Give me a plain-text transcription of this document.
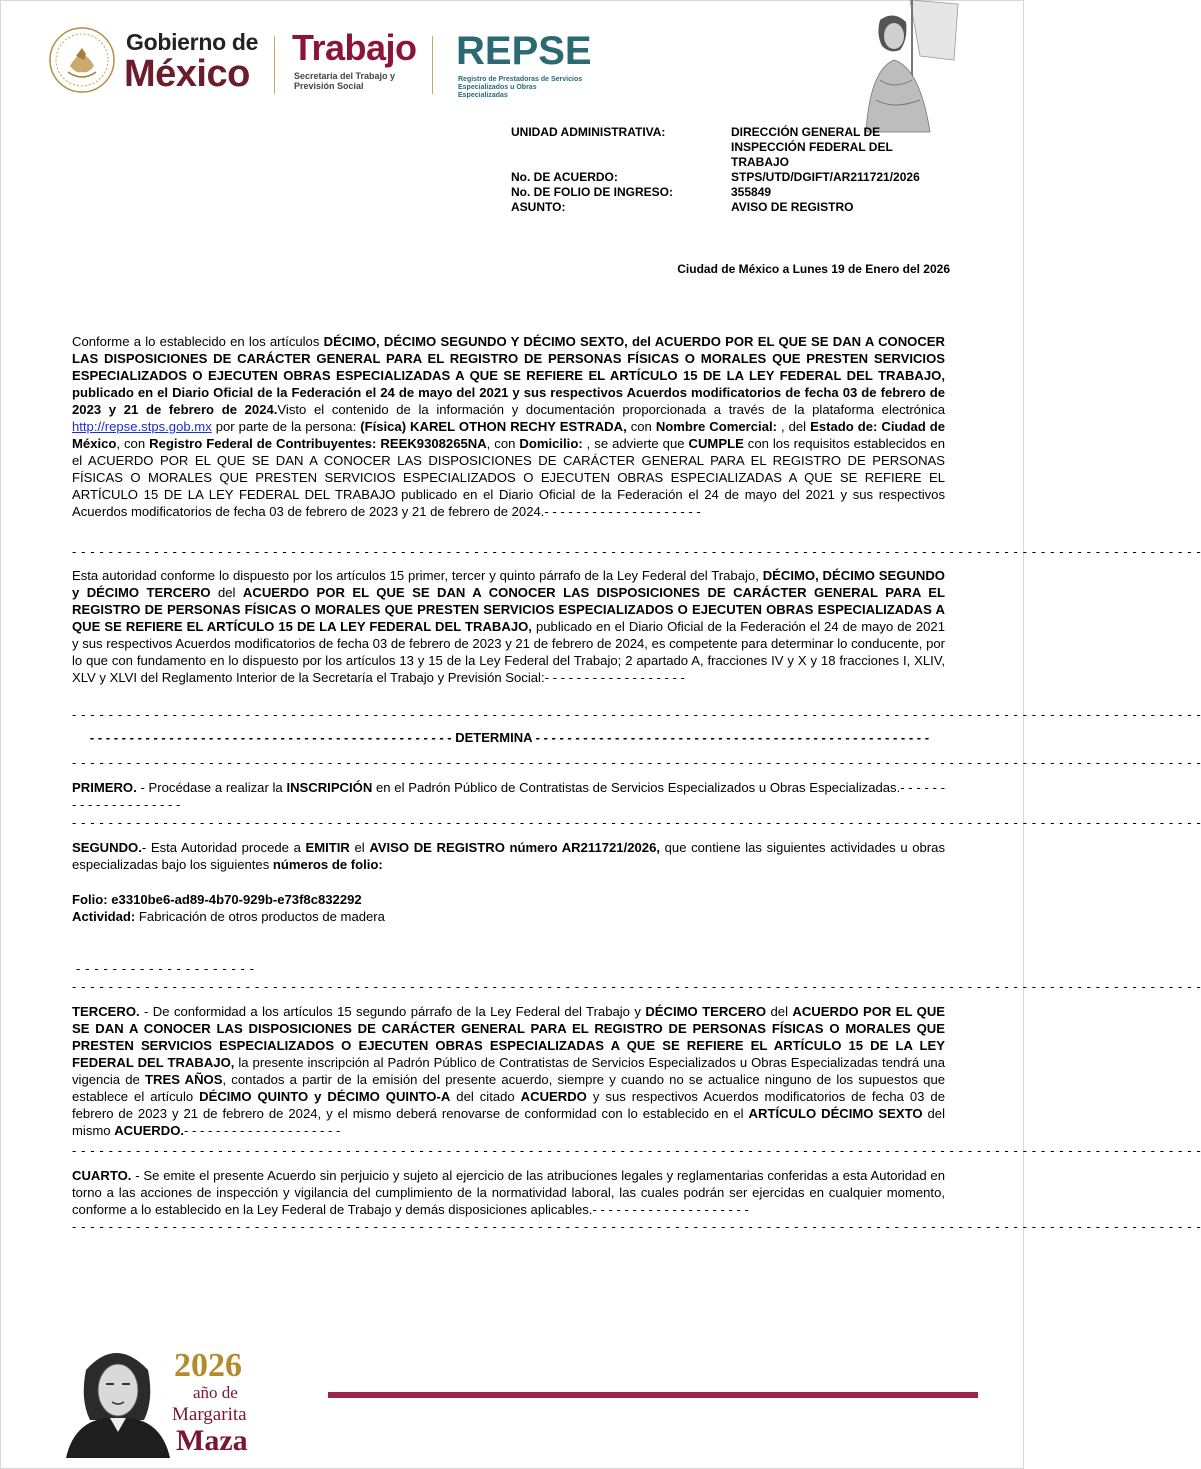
Gobierno de
México
Trabajo
Secretaría del Trabajo y Previsión Social
REPSE
Registro de Prestadoras de Servicios Especializados u Obras Especializadas
UNIDAD ADMINISTRATIVA:	DIRECCIÓN GENERAL DE INSPECCIÓN FEDERAL DEL TRABAJO
No. DE ACUERDO:	STPS/UTD/DGIFT/AR211721/2026
No. DE FOLIO DE INGRESO:	355849
ASUNTO:	AVISO DE REGISTRO
Ciudad de México a Lunes 19 de Enero del 2026
Conforme a lo establecido en los artículos DÉCIMO, DÉCIMO SEGUNDO Y DÉCIMO SEXTO, del ACUERDO POR EL QUE SE DAN A CONOCER LAS DISPOSICIONES DE CARÁCTER GENERAL PARA EL REGISTRO DE PERSONAS FÍSICAS O MORALES QUE PRESTEN SERVICIOS ESPECIALIZADOS O EJECUTEN OBRAS ESPECIALIZADAS A QUE SE REFIERE EL ARTÍCULO 15 DE LA LEY FEDERAL DEL TRABAJO, publicado en el Diario Oficial de la Federación el 24 de mayo del 2021 y sus respectivos Acuerdos modificatorios de fecha 03 de febrero de 2023 y 21 de febrero de 2024.Visto el contenido de la información y documentación proporcionada a través de la plataforma electrónica http://repse.stps.gob.mx por parte de la persona: (Física) KAREL OTHON RECHY ESTRADA, con Nombre Comercial: , del Estado de: Ciudad de México, con Registro Federal de Contribuyentes: REEK9308265NA, con Domicilio: , se advierte que CUMPLE con los requisitos establecidos en el ACUERDO POR EL QUE SE DAN A CONOCER LAS DISPOSICIONES DE CARÁCTER GENERAL PARA EL REGISTRO DE PERSONAS FÍSICAS O MORALES QUE PRESTEN SERVICIOS ESPECIALIZADOS O EJECUTEN OBRAS ESPECIALIZADAS A QUE SE REFIERE EL ARTÍCULO 15 DE LA LEY FEDERAL DEL TRABAJO publicado en el Diario Oficial de la Federación el 24 de mayo del 2021 y sus respectivos Acuerdos modificatorios de fecha 03 de febrero de 2023 y 21 de febrero de 2024.- - - - - - - - - - - - - - - - - - - -
- - - - - - - - - - - - - - - - - - - - - - - - - - - - - - - - - - - - - - - - - - - - - - - - - - - - - - - - - - - - - - - - - - - - - - - - - - - - - - - - - - - - - - - - - - - - - - - - - - - - - - - - - - - - - - - - - - - - - - - - - - - -
Esta autoridad conforme lo dispuesto por los artículos 15 primer, tercer y quinto párrafo de la Ley Federal del Trabajo, DÉCIMO, DÉCIMO SEGUNDO y DÉCIMO TERCERO del ACUERDO POR EL QUE SE DAN A CONOCER LAS DISPOSICIONES DE CARÁCTER GENERAL PARA EL REGISTRO DE PERSONAS FÍSICAS O MORALES QUE PRESTEN SERVICIOS ESPECIALIZADOS O EJECUTEN OBRAS ESPECIALIZADAS A QUE SE REFIERE EL ARTÍCULO 15 DE LA LEY FEDERAL DEL TRABAJO, publicado en el Diario Oficial de la Federación el 24 de mayo de 2021 y sus respectivos Acuerdos modificatorios de fecha 03 de febrero de 2023 y 21 de febrero de 2024, es competente para determinar lo conducente, por lo que con fundamento en lo dispuesto por los artículos 13 y 15 de la Ley Federal del Trabajo; 2 apartado A, fracciones IV y X y 18 fracciones I, XLIV, XLV y XLVI del Reglamento Interior de la Secretaría el Trabajo y Previsión Social:- - - - - - - - - - - - - - - - - -
- - - - - - - - - - - - - - - - - - - - - - - - - - - - - - - - - - - - - - - - - - - - - - - - - - - - - - - - - - - - - - - - - - - - - - - - - - - - - - - - - - - - - - - - - - - - - - - - - - - - - - - - - - - - - - - - - - - - - - - - - - - -
- - - - - - - - - - - - - - - - - - - - - - - - - - - - - - - - - - - - - - - - - - - - - - DETERMINA - - - - - - - - - - - - - - - - - - - - - - - - - - - - - - - - - - - - - - - - - - - - - - - - - -
- - - - - - - - - - - - - - - - - - - - - - - - - - - - - - - - - - - - - - - - - - - - - - - - - - - - - - - - - - - - - - - - - - - - - - - - - - - - - - - - - - - - - - - - - - - - - - - - - - - - - - - - - - - - - - - - - - - - - - - - - - - -
PRIMERO. - Procédase a realizar la INSCRIPCIÓN en el Padrón Público de Contratistas de Servicios Especializados u Obras Especializadas.- - - - - - - - - - - - - - - - - - - -
- - - - - - - - - - - - - - - - - - - - - - - - - - - - - - - - - - - - - - - - - - - - - - - - - - - - - - - - - - - - - - - - - - - - - - - - - - - - - - - - - - - - - - - - - - - - - - - - - - - - - - - - - - - - - - - - - - - - - - - - - - - -
SEGUNDO.- Esta Autoridad procede a EMITIR el AVISO DE REGISTRO número AR211721/2026, que contiene las siguientes actividades u obras especializadas bajo los siguientes números de folio:
Folio: e3310be6-ad89-4b70-929b-e73f8c832292
Actividad: Fabricación de otros productos de madera
- - - - - - - - - - - - - - - - - - - -
- - - - - - - - - - - - - - - - - - - - - - - - - - - - - - - - - - - - - - - - - - - - - - - - - - - - - - - - - - - - - - - - - - - - - - - - - - - - - - - - - - - - - - - - - - - - - - - - - - - - - - - - - - - - - - - - - - - - - - - - - - - -
TERCERO. - De conformidad a los artículos 15 segundo párrafo de la Ley Federal del Trabajo y DÉCIMO TERCERO del ACUERDO POR EL QUE SE DAN A CONOCER LAS DISPOSICIONES DE CARÁCTER GENERAL PARA EL REGISTRO DE PERSONAS FÍSICAS O MORALES QUE PRESTEN SERVICIOS ESPECIALIZADOS O EJECUTEN OBRAS ESPECIALIZADAS A QUE SE REFIERE EL ARTÍCULO 15 DE LA LEY FEDERAL DEL TRABAJO, la presente inscripción al Padrón Público de Contratistas de Servicios Especializados u Obras Especializadas tendrá una vigencia de TRES AÑOS, contados a partir de la emisión del presente acuerdo, siempre y cuando no se actualice ninguno de los supuestos que establece el artículo DÉCIMO QUINTO y DÉCIMO QUINTO-A del citado ACUERDO y sus respectivos Acuerdos modificatorios de fecha 03 de febrero de 2023 y 21 de febrero de 2024, y el mismo deberá renovarse de conformidad con lo establecido en el ARTÍCULO DÉCIMO SEXTO del mismo ACUERDO.- - - - - - - - - - - - - - - - - - - -
- - - - - - - - - - - - - - - - - - - - - - - - - - - - - - - - - - - - - - - - - - - - - - - - - - - - - - - - - - - - - - - - - - - - - - - - - - - - - - - - - - - - - - - - - - - - - - - - - - - - - - - - - - - - - - - - - - - - - - - - - - - -
CUARTO. - Se emite el presente Acuerdo sin perjuicio y sujeto al ejercicio de las atribuciones legales y reglamentarias conferidas a esta Autoridad en torno a las acciones de inspección y vigilancia del cumplimiento de la normatividad laboral, las cuales podrán ser ejercidas en cualquier momento, conforme a lo establecido en la Ley Federal de Trabajo y demás disposiciones aplicables.- - - - - - - - - - - - - - - - - - - -
- - - - - - - - - - - - - - - - - - - - - - - - - - - - - - - - - - - - - - - - - - - - - - - - - - - - - - - - - - - - - - - - - - - - - - - - - - - - - - - - - - - - - - - - - - - - - - - - - - - - - - - - - - - - - - - - - - - - - - - - - - - -
2026
año de
Margarita
Maza
